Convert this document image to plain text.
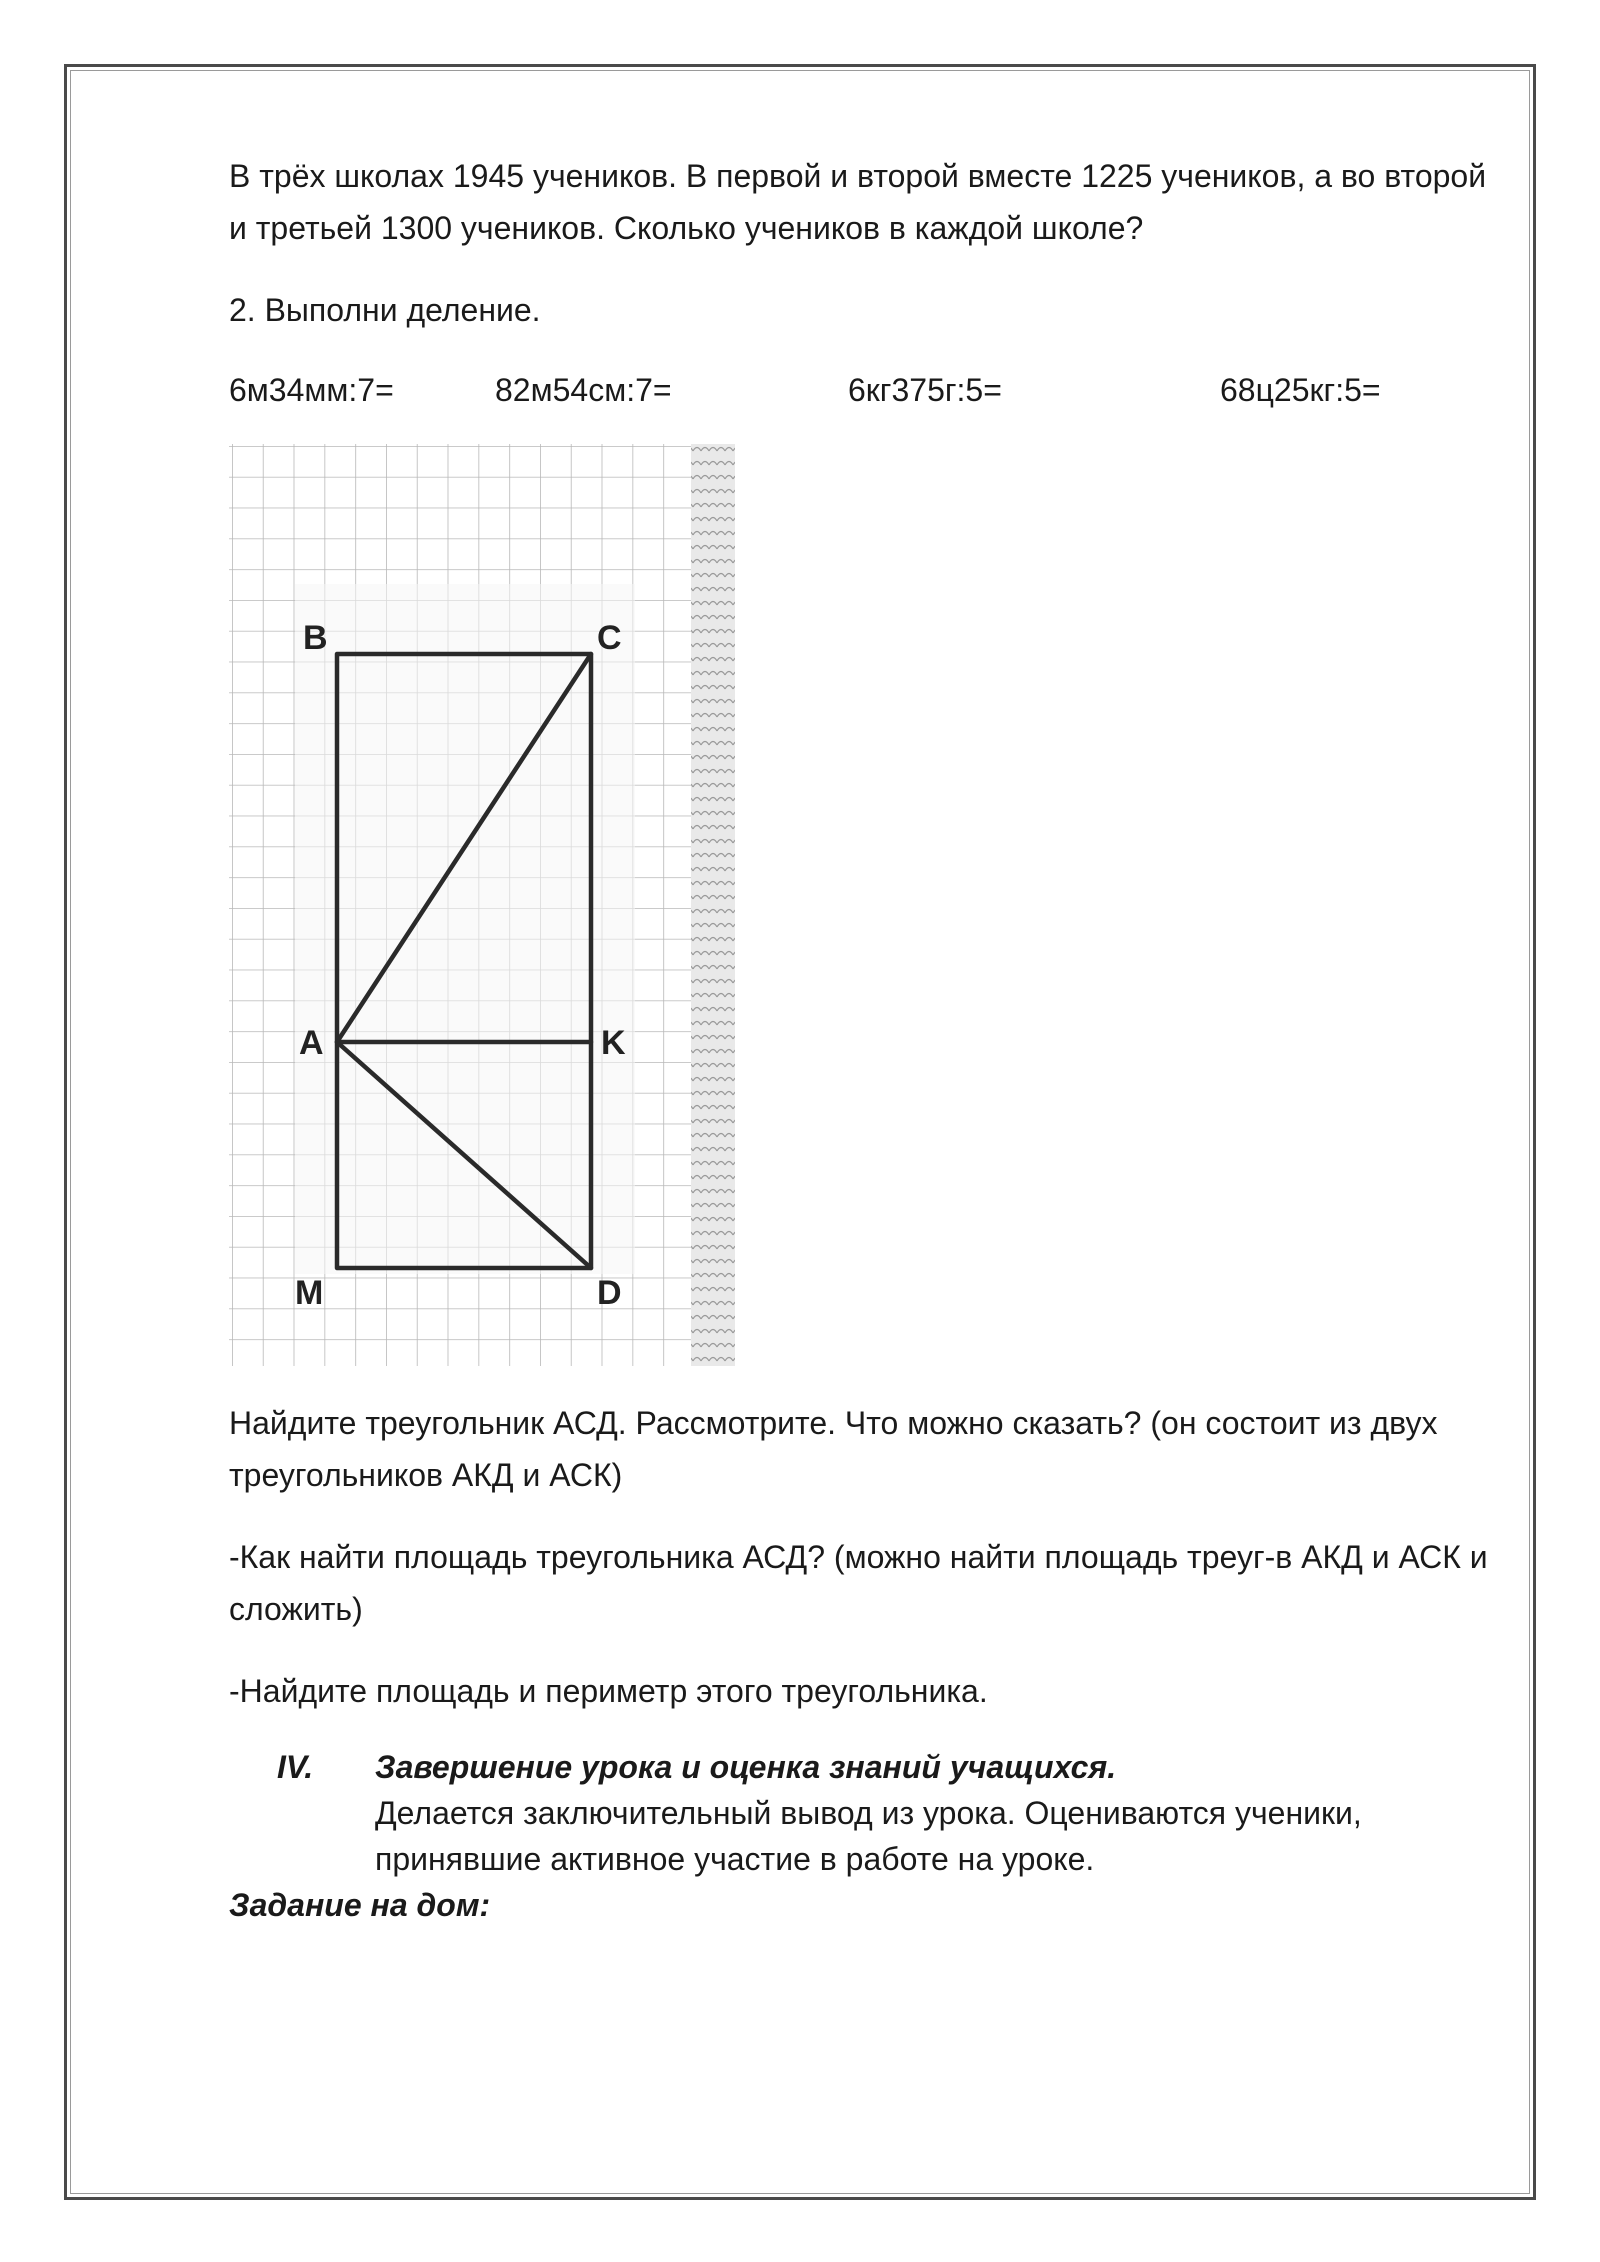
В трёх школах 1945 учеников. В первой и второй вместе 1225 учеников, а во второй и третьей 1300 учеников. Сколько учеников в каждой школе?

2. Выполни деление.

6м34мм:7=	82м54см:7=	6кг375г:5=	68ц25кг:5=
B	C
A	K
M	D

Найдите треугольник АСД. Рассмотрите. Что можно сказать? (он состоит из двух треугольников АКД и АСК)

-Как найти площадь треугольника АСД? (можно найти площадь треуг-в АКД и АСК и сложить)

-Найдите площадь и периметр этого треугольника.

IV. Завершение урока и оценка знаний учащихся.

Делается заключительный вывод из урока. Оцениваются ученики, принявшие активное участие в работе на уроке.

Задание на дом:
